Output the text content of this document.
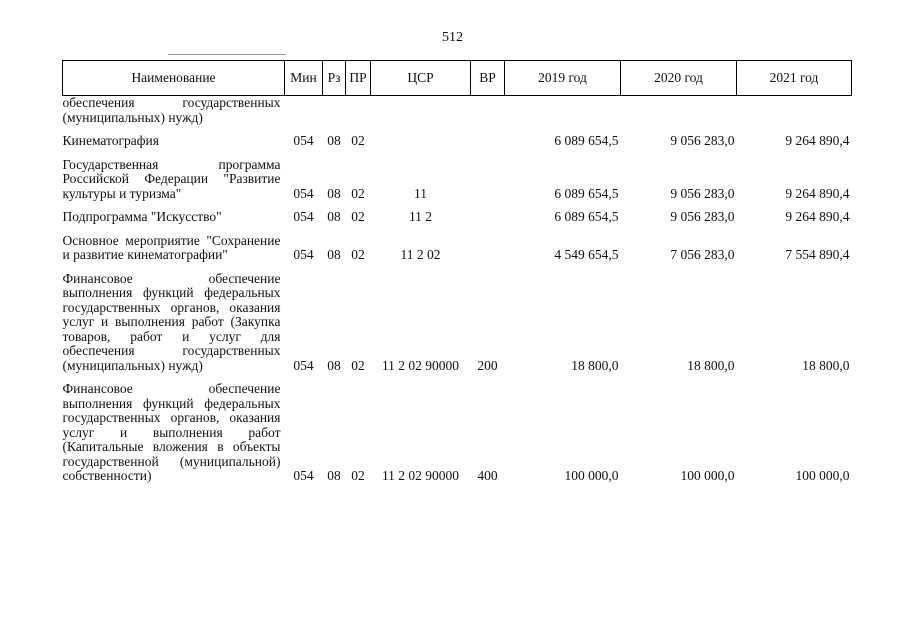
512
Наименование	Мин	Рз	ПР	ЦСР	ВР	2019 год	2020 год	2021 год
обеспечения государственных (муниципальных) нужд)								

Кинематография	054	08	02			6 089 654,5	9 056 283,0	9 264 890,4

Государственная программа Российской Федерации "Развитие культуры и туризма"	054	08	02	11		6 089 654,5	9 056 283,0	9 264 890,4

Подпрограмма "Искусство"	054	08	02	11 2		6 089 654,5	9 056 283,0	9 264 890,4

Основное мероприятие "Сохранение и развитие кинематографии"	054	08	02	11 2 02		4 549 654,5	7 056 283,0	7 554 890,4

Финансовое обеспечение выполнения функций федеральных государственных органов, оказания услуг и выполнения работ (Закупка товаров, работ и услуг для обеспечения государственных (муниципальных) нужд)	054	08	02	11 2 02 90000	200	18 800,0	18 800,0	18 800,0

Финансовое обеспечение выполнения функций федеральных государственных органов, оказания услуг и выполнения работ (Капитальные вложения в объекты государственной (муниципальной) собственности)	054	08	02	11 2 02 90000	400	100 000,0	100 000,0	100 000,0
